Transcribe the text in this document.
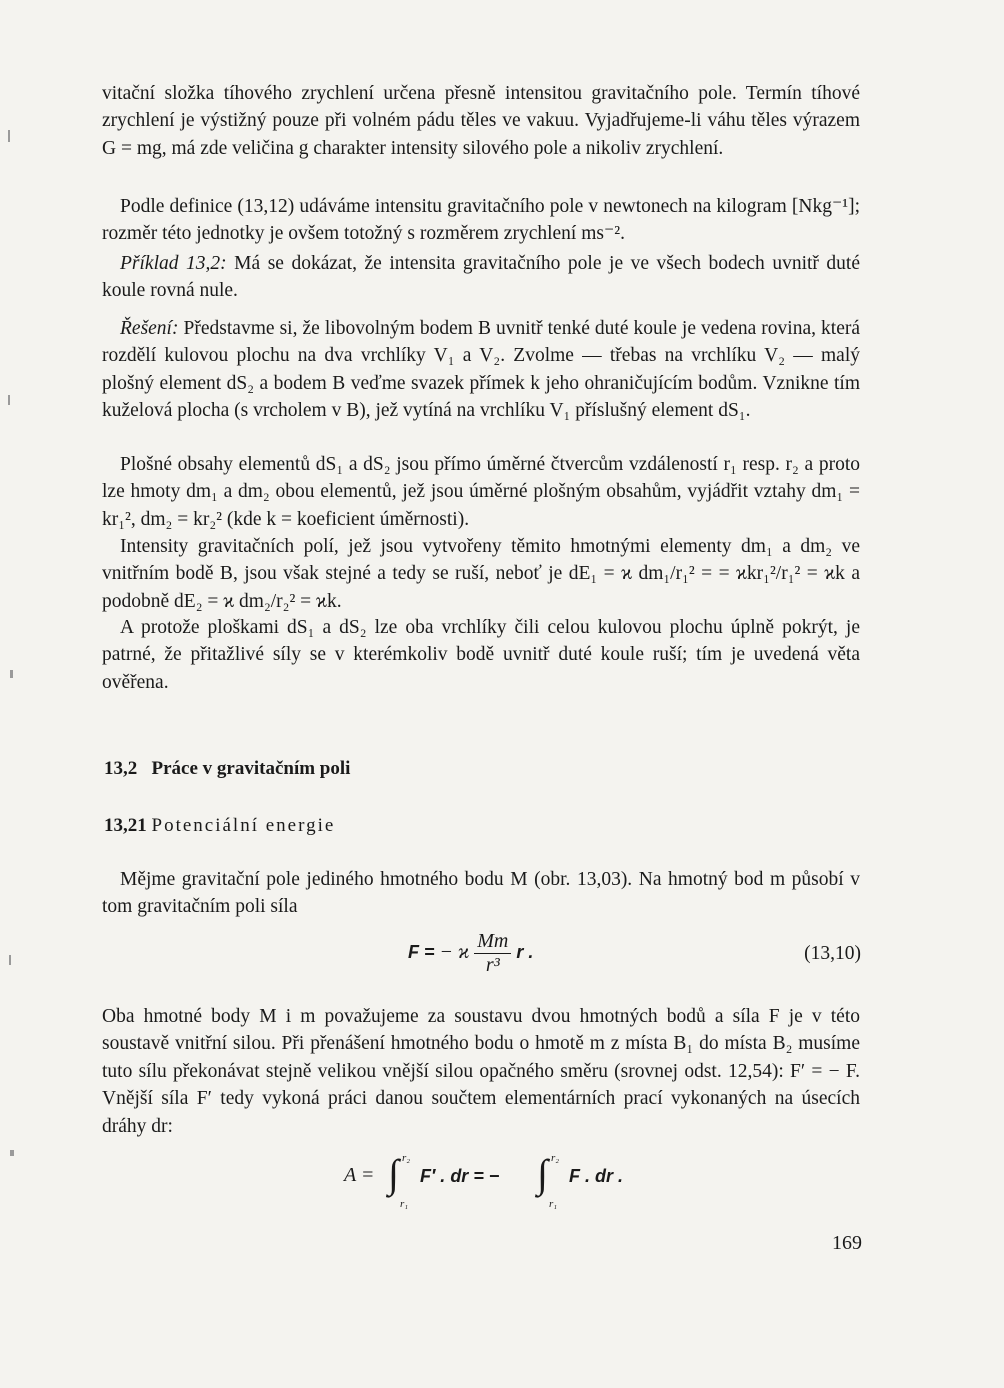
vitační složka tíhového zrychlení určena přesně intensitou gravitačního pole. Termín tíhové zrychlení je výstižný pouze při volném pádu těles ve vakuu. Vyjadřujeme-li váhu těles výrazem G = mg, má zde veličina g charakter intensity silového pole a nikoliv zrychlení.

Podle definice (13,12) udáváme intensitu gravitačního pole v newtonech na kilogram [Nkg⁻¹]; rozměr této jednotky je ovšem totožný s rozměrem zrychlení ms⁻².

Příklad 13,2: Má se dokázat, že intensita gravitačního pole je ve všech bodech uvnitř duté koule rovná nule.

Řešení: Představme si, že libovolným bodem B uvnitř tenké duté koule je vedena rovina, která rozdělí kulovou plochu na dva vrchlíky V₁ a V₂. Zvolme — třebas na vrchlíku V₂ — malý plošný element dS₂ a bodem B veďme svazek přímek k jeho ohraničujícím bodům. Vznikne tím kuželová plocha (s vrcholem v B), jež vytíná na vrchlíku V₁ příslušný element dS₁.

Plošné obsahy elementů dS₁ a dS₂ jsou přímo úměrné čtvercům vzdáleností r₁ resp. r₂ a proto lze hmoty dm₁ a dm₂ obou elementů, jež jsou úměrné plošným obsahům, vyjádřit vztahy dm₁ = kr₁², dm₂ = kr₂² (kde k = koeficient úměrnosti).

Intensity gravitačních polí, jež jsou vytvořeny těmito hmotnými elementy dm₁ a dm₂ ve vnitřním bodě B, jsou však stejné a tedy se ruší, neboť je dE₁ = ϰ dm₁/r₁² = = ϰkr₁²/r₁² = ϰk a podobně dE₂ = ϰ dm₂/r₂² = ϰk.

A protože ploškami dS₁ a dS₂ lze oba vrchlíky čili celou kulovou plochu úplně pokrýt, je patrné, že přitažlivé síly se v kterémkoliv bodě uvnitř duté koule ruší; tím je uvedená věta ověřena.

13,2 Práce v gravitačním poli
13,21 Potenciální energie

Mějme gravitační pole jediného hmotného bodu M (obr. 13,03). Na hmotný bod m působí v tom gravitačním poli síla

F = − ϰ $\frac{Mm}{\text{r³}}$ r .	(13,10)

Oba hmotné body M i m považujeme za soustavu dvou hmotných bodů a síla F je v této soustavě vnitřní silou. Při přenášení hmotného bodu o hmotě m z místa B₁ do místa B₂ musíme tuto sílu překonávat stejně velikou vnější silou opačného směru (srovnej odst. 12,54): F′ = − F. Vnější síla F′ tedy vykoná práci danou součtem elementárních prací vykonaných na úsecích dráhy dr:

A = ∫ r₂
r₁
F′ . dr = − ∫ r₂
r₁
F . dr .
169
